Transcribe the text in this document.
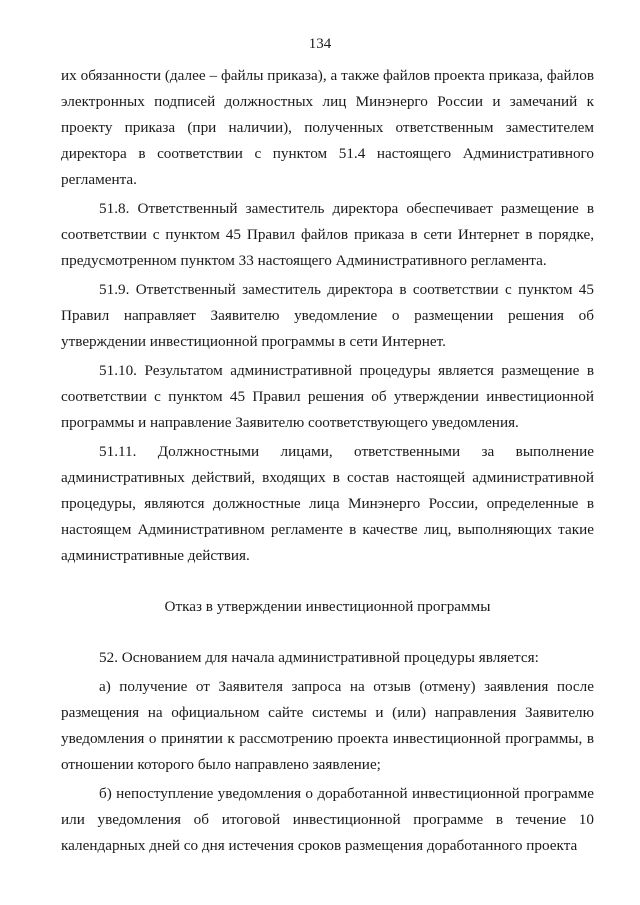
134

их обязанности (далее – файлы приказа), а также файлов проекта приказа, файлов электронных подписей должностных лиц Минэнерго России и замечаний к проекту приказа (при наличии), полученных ответственным заместителем директора в соответствии с пунктом 51.4 настоящего Административного регламента.

51.8. Ответственный заместитель директора обеспечивает размещение в соответствии с пунктом 45 Правил файлов приказа в сети Интернет в порядке, предусмотренном пунктом 33 настоящего Административного регламента.

51.9. Ответственный заместитель директора в соответствии с пунктом 45 Правил направляет Заявителю уведомление о размещении решения об утверждении инвестиционной программы в сети Интернет.

51.10. Результатом административной процедуры является размещение в соответствии с пунктом 45 Правил решения об утверждении инвестиционной программы и направление Заявителю соответствующего уведомления.

51.11. Должностными лицами, ответственными за выполнение административных действий, входящих в состав настоящей административной процедуры, являются должностные лица Минэнерго России, определенные в настоящем Административном регламенте в качестве лиц, выполняющих такие административные действия.

Отказ в утверждении инвестиционной программы

52. Основанием для начала административной процедуры является:

а) получение от Заявителя запроса на отзыв (отмену) заявления после размещения на официальном сайте системы и (или) направления Заявителю уведомления о принятии к рассмотрению проекта инвестиционной программы, в отношении которого было направлено заявление;

б) непоступление уведомления о доработанной инвестиционной программе или уведомления об итоговой инвестиционной программе в течение 10 календарных дней со дня истечения сроков размещения доработанного проекта
